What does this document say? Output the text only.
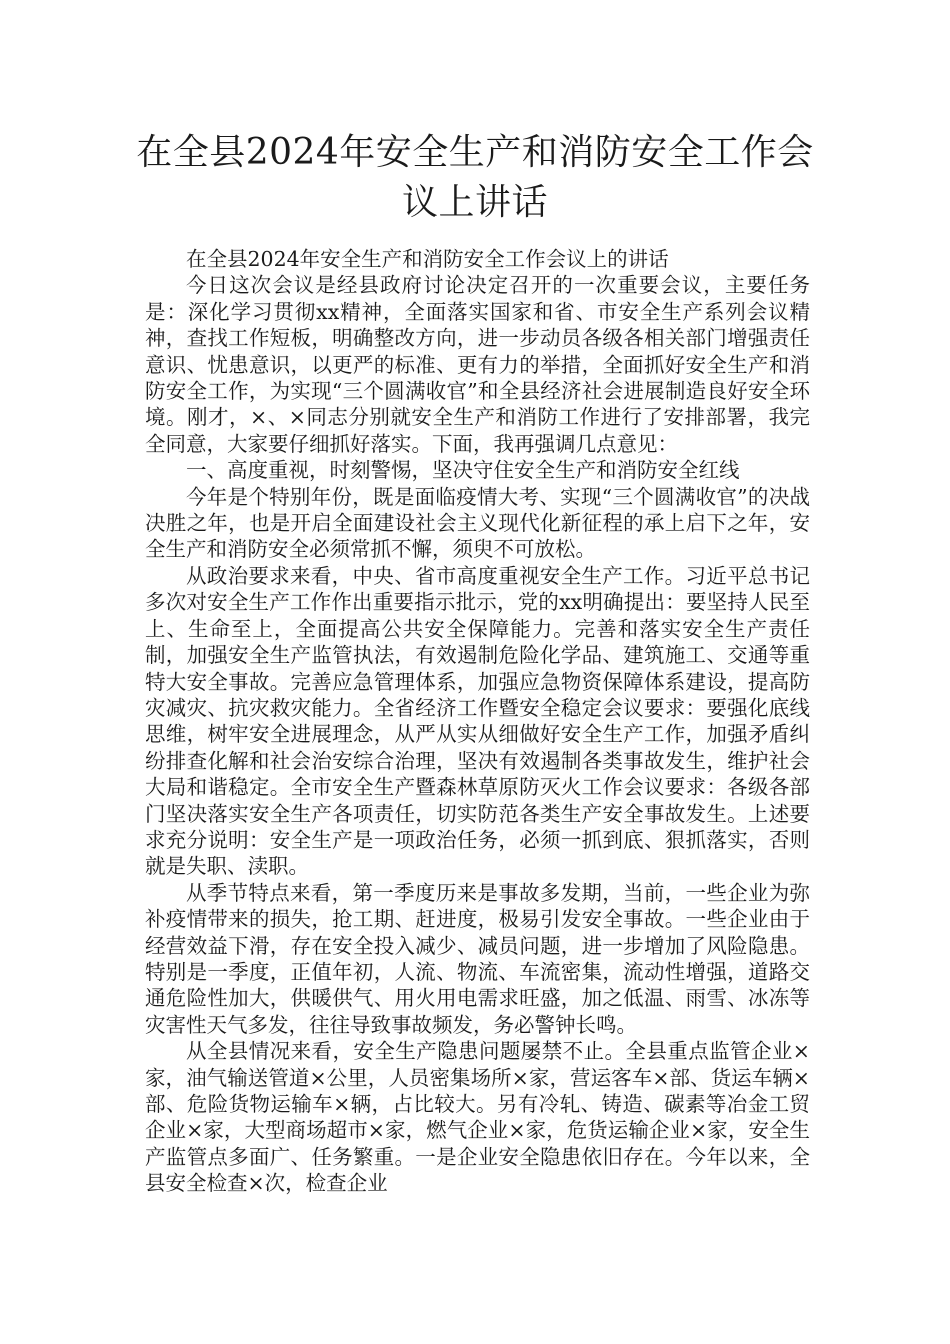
在全县2024年安全生产和消防安全工作会
议上讲话

在全县2024年安全生产和消防安全工作会议上的讲话

今日这次会议是经县政府讨论决定召开的一次重要会议，主要任务是：深化学习贯彻xx精神，全面落实国家和省、市安全生产系列会议精神，查找工作短板，明确整改方向，进一步动员各级各相关部门增强责任意识、忧患意识，以更严的标准、更有力的举措，全面抓好安全生产和消防安全工作，为实现“三个圆满收官”和全县经济社会进展制造良好安全环境。刚才，×、×同志分别就安全生产和消防工作进行了安排部署，我完全同意，大家要仔细抓好落实。下面，我再强调几点意见：

一、高度重视，时刻警惕，坚决守住安全生产和消防安全红线

今年是个特别年份，既是面临疫情大考、实现“三个圆满收官”的决战决胜之年，也是开启全面建设社会主义现代化新征程的承上启下之年，安全生产和消防安全必须常抓不懈，须臾不可放松。

从政治要求来看，中央、省市高度重视安全生产工作。习近平总书记多次对安全生产工作作出重要指示批示，党的xx明确提出：要坚持人民至上、生命至上，全面提高公共安全保障能力。完善和落实安全生产责任制，加强安全生产监管执法，有效遏制危险化学品、建筑施工、交通等重特大安全事故。完善应急管理体系，加强应急物资保障体系建设，提高防灾减灾、抗灾救灾能力。全省经济工作暨安全稳定会议要求：要强化底线思维，树牢安全进展理念，从严从实从细做好安全生产工作，加强矛盾纠纷排查化解和社会治安综合治理，坚决有效遏制各类事故发生，维护社会大局和谐稳定。全市安全生产暨森林草原防灭火工作会议要求：各级各部门坚决落实安全生产各项责任，切实防范各类生产安全事故发生。上述要求充分说明：安全生产是一项政治任务，必须一抓到底、狠抓落实，否则就是失职、渎职。

从季节特点来看，第一季度历来是事故多发期，当前，一些企业为弥补疫情带来的损失，抢工期、赶进度，极易引发安全事故。一些企业由于经营效益下滑，存在安全投入减少、减员问题，进一步增加了风险隐患。特别是一季度，正值年初，人流、物流、车流密集，流动性增强，道路交通危险性加大，供暖供气、用火用电需求旺盛，加之低温、雨雪、冰冻等灾害性天气多发，往往导致事故频发，务必警钟长鸣。

从全县情况来看，安全生产隐患问题屡禁不止。全县重点监管企业×家，油气输送管道×公里，人员密集场所×家，营运客车×部、货运车辆×部、危险货物运输车×辆，占比较大。另有冷轧、铸造、碳素等冶金工贸企业×家，大型商场超市×家，燃气企业×家，危货运输企业×家，安全生产监管点多面广、任务繁重。一是企业安全隐患依旧存在。今年以来，全县安全检查×次，检查企业
